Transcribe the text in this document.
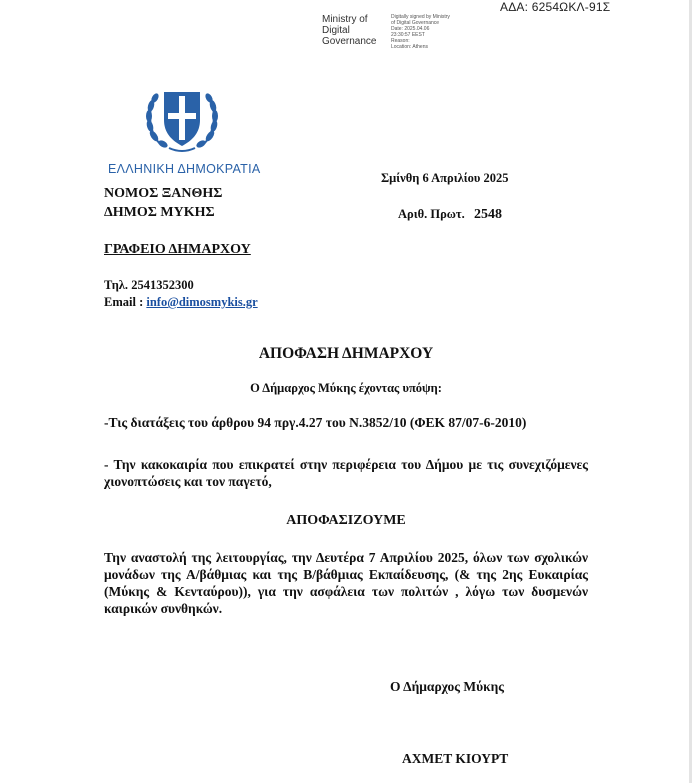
ΑΔΑ: 6254ΩΚΛ-91Σ
Ministry of
Digital
Governance
Digitally signed by Ministry
of Digital Governance
Date: 2025.04.06
23:30:57 EEST
Reason:
Location: Athens
ΕΛΛΗΝΙΚΗ ΔΗΜΟΚΡΑΤΙΑ
ΝΟΜΟΣ ΞΑΝΘΗΣ
ΔΗΜΟΣ ΜΥΚΗΣ
ΓΡΑΦΕΙΟ ΔΗΜΑΡΧΟΥ
Τηλ. 2541352300
Email : info@dimosmykis.gr
Σμίνθη 6 Απριλίου 2025
Αριθ. Πρωτ. 2548
ΑΠΟΦΑΣΗ ΔΗΜΑΡΧΟΥ
Ο Δήμαρχος Μύκης έχοντας υπόψη:
-Τις διατάξεις του άρθρου 94 πργ.4.27 του Ν.3852/10 (ΦΕΚ 87/07-6-2010)
- Την κακοκαιρία που επικρατεί στην περιφέρεια του Δήμου με τις συνεχιζόμενες χιονοπτώσεις και τον παγετό,
ΑΠΟΦΑΣΙΖΟΥΜΕ
Την αναστολή της λειτουργίας, την Δευτέρα 7 Απριλίου 2025, όλων των σχολικών μονάδων της Α/βάθμιας και της Β/βάθμιας Εκπαίδευσης, (& της 2ης Ευκαιρίας (Μύκης & Κενταύρου)), για την ασφάλεια των πολιτών , λόγω των δυσμενών καιρικών συνθηκών.
Ο Δήμαρχος Μύκης
ΑΧΜΕΤ ΚΙΟΥΡΤ
